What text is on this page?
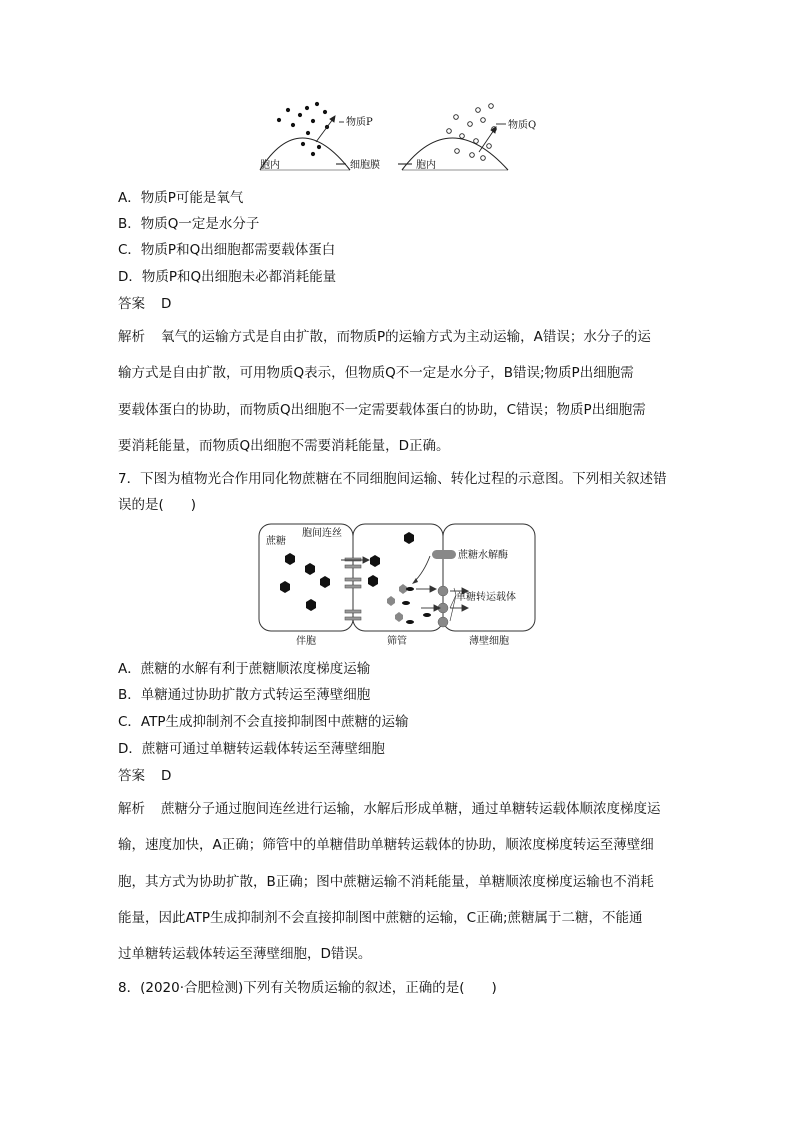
物质P	物质Q
胞内	细胞膜	胞内
A．物质P可能是氧气
B．物质Q一定是水分子
C．物质P和Q出细胞都需要载体蛋白
D．物质P和Q出细胞未必都消耗能量
答案 D
解析 氧气的运输方式是自由扩散，而物质P的运输方式为主动运输，A错误；水分子的运
输方式是自由扩散，可用物质Q表示，但物质Q不一定是水分子，B错误;物质P出细胞需
要载体蛋白的协助，而物质Q出细胞不一定需要载体蛋白的协助，C错误；物质P出细胞需
要消耗能量，而物质Q出细胞不需要消耗能量，D正确。
7．下图为植物光合作用同化物蔗糖在不同细胞间运输、转化过程的示意图。下列相关叙述错
误的是(　　)
蔗糖
胞间连丝
蔗糖水解酶
单糖转运载体
伴胞	筛管	薄壁细胞
A．蔗糖的水解有利于蔗糖顺浓度梯度运输
B．单糖通过协助扩散方式转运至薄壁细胞
C．ATP生成抑制剂不会直接抑制图中蔗糖的运输
D．蔗糖可通过单糖转运载体转运至薄壁细胞
答案 D
解析 蔗糖分子通过胞间连丝进行运输，水解后形成单糖，通过单糖转运载体顺浓度梯度运
输，速度加快，A正确；筛管中的单糖借助单糖转运载体的协助，顺浓度梯度转运至薄壁细
胞，其方式为协助扩散，B正确；图中蔗糖运输不消耗能量，单糖顺浓度梯度运输也不消耗
能量，因此ATP生成抑制剂不会直接抑制图中蔗糖的运输，C正确;蔗糖属于二糖，不能通
过单糖转运载体转运至薄壁细胞，D错误。
8．(2020·合肥检测)下列有关物质运输的叙述，正确的是(　　)
